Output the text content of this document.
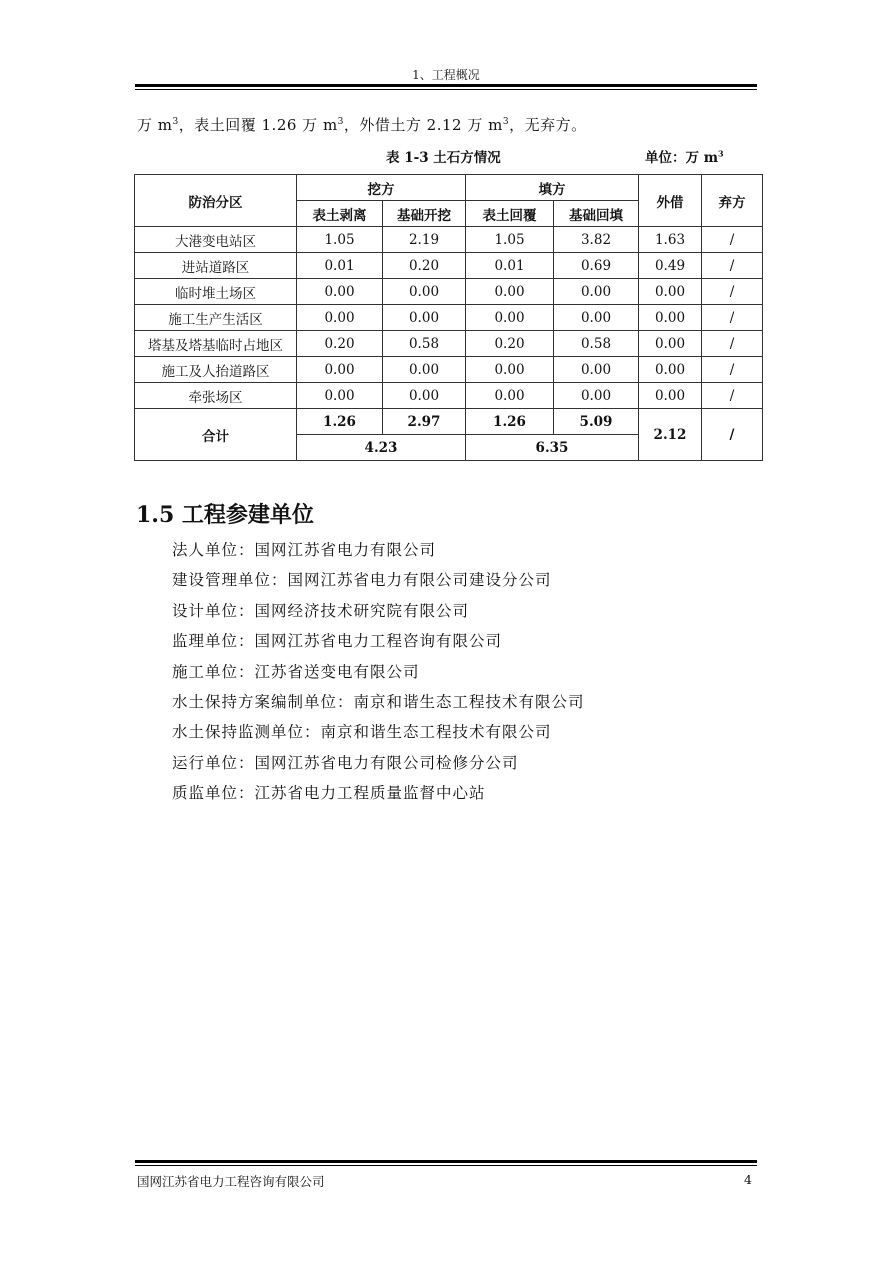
1、工程概况
万 $m^3$，表土回覆 1.26 万 $m^3$，外借土方 2.12 万 $m^3$，无弃方。
表 1-3 土石方情况	单位：万 $m^3$
防治分区	挖方		填方		外借	弃方
	表土剥离	基础开挖	表土回覆	基础回填		
大港变电站区	1.05	2.19	1.05	3.82	1.63	/
进站道路区	0.01	0.20	0.01	0.69	0.49	/
临时堆土场区	0.00	0.00	0.00	0.00	0.00	/
施工生产生活区	0.00	0.00	0.00	0.00	0.00	/
塔基及塔基临时占地区	0.20	0.58	0.20	0.58	0.00	/
施工及人抬道路区	0.00	0.00	0.00	0.00	0.00	/
牵张场区	0.00	0.00	0.00	0.00	0.00	/
合计	1.26	2.97	1.26	5.09	2.12	/
	4.23		6.35			
1.5 工程参建单位
法人单位：国网江苏省电力有限公司
建设管理单位：国网江苏省电力有限公司建设分公司
设计单位：国网经济技术研究院有限公司
监理单位：国网江苏省电力工程咨询有限公司
施工单位：江苏省送变电有限公司
水土保持方案编制单位：南京和谐生态工程技术有限公司
水土保持监测单位：南京和谐生态工程技术有限公司
运行单位：国网江苏省电力有限公司检修分公司
质监单位：江苏省电力工程质量监督中心站
国网江苏省电力工程咨询有限公司	4
